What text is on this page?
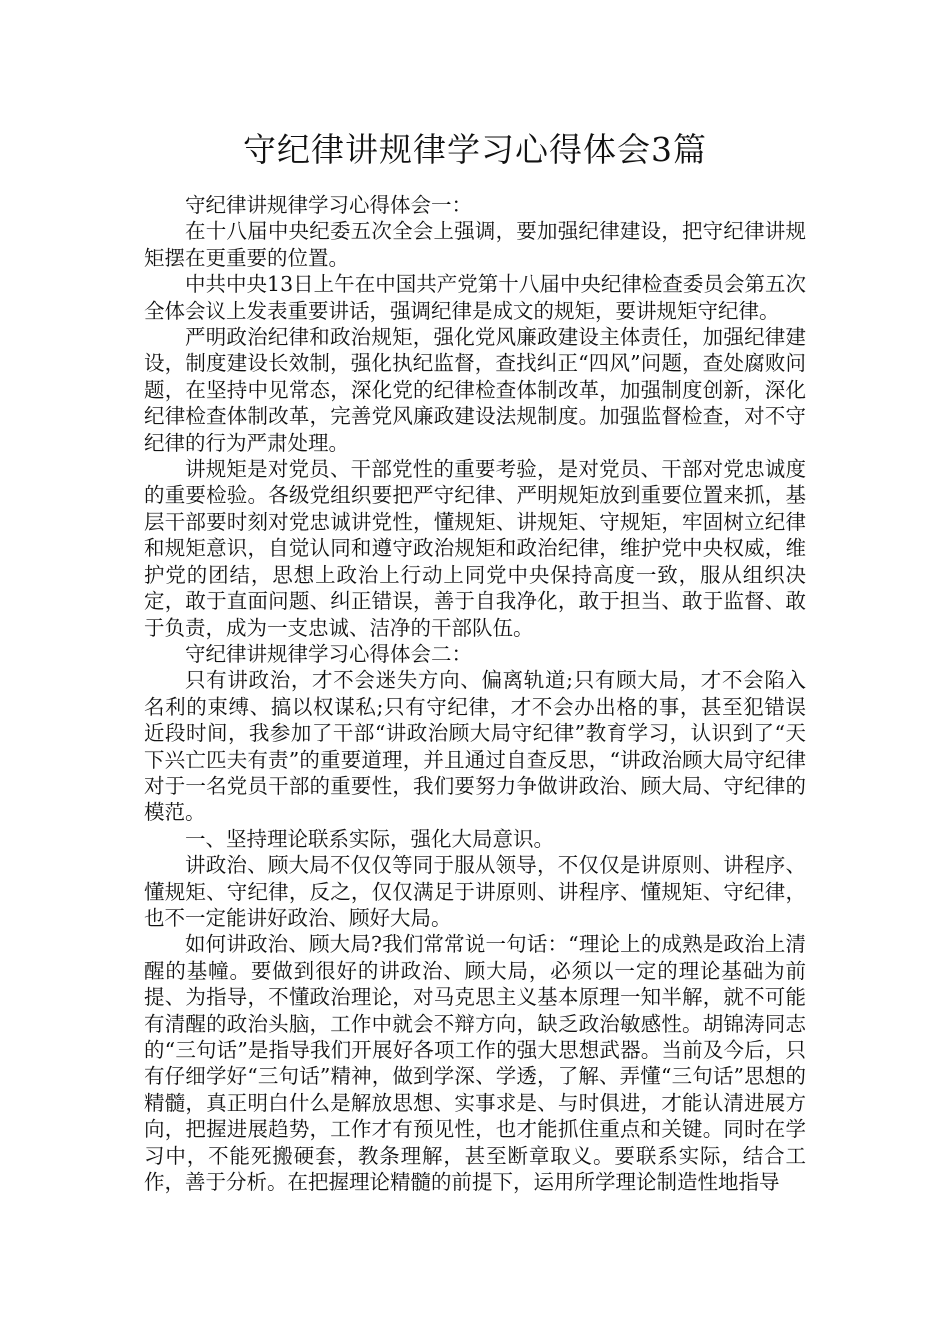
守纪律讲规律学习心得体会3篇

守纪律讲规律学习心得体会一：

在十八届中央纪委五次全会上强调，要加强纪律建设，把守纪律讲规矩摆在更重要的位置。

中共中央13日上午在中国共产党第十八届中央纪律检查委员会第五次全体会议上发表重要讲话，强调纪律是成文的规矩，要讲规矩守纪律。

严明政治纪律和政治规矩，强化党风廉政建设主体责任，加强纪律建设，制度建设长效制，强化执纪监督，查找纠正“四风”问题，查处腐败问题，在坚持中见常态，深化党的纪律检查体制改革，加强制度创新，深化纪律检查体制改革，完善党风廉政建设法规制度。加强监督检查，对不守纪律的行为严肃处理。

讲规矩是对党员、干部党性的重要考验，是对党员、干部对党忠诚度的重要检验。各级党组织要把严守纪律、严明规矩放到重要位置来抓，基层干部要时刻对党忠诚讲党性，懂规矩、讲规矩、守规矩，牢固树立纪律和规矩意识，自觉认同和遵守政治规矩和政治纪律，维护党中央权威，维护党的团结，思想上政治上行动上同党中央保持高度一致，服从组织决定，敢于直面问题、纠正错误，善于自我净化，敢于担当、敢于监督、敢于负责，成为一支忠诚、洁净的干部队伍。

守纪律讲规律学习心得体会二：

只有讲政治，才不会迷失方向、偏离轨道;只有顾大局，才不会陷入名利的束缚、搞以权谋私;只有守纪律，才不会办出格的事，甚至犯错误近段时间，我参加了干部“讲政治顾大局守纪律”教育学习，认识到了“天下兴亡匹夫有责”的重要道理，并且通过自查反思，“讲政治顾大局守纪律对于一名党员干部的重要性，我们要努力争做讲政治、顾大局、守纪律的模范。

一、坚持理论联系实际，强化大局意识。

讲政治、顾大局不仅仅等同于服从领导，不仅仅是讲原则、讲程序、懂规矩、守纪律，反之，仅仅满足于讲原则、讲程序、懂规矩、守纪律，也不一定能讲好政治、顾好大局。

如何讲政治、顾大局?我们常常说一句话：“理论上的成熟是政治上清醒的基幢。要做到很好的讲政治、顾大局，必须以一定的理论基础为前提、为指导，不懂政治理论，对马克思主义基本原理一知半解，就不可能有清醒的政治头脑，工作中就会不辩方向，缺乏政治敏感性。胡锦涛同志的“三句话”是指导我们开展好各项工作的强大思想武器。当前及今后，只有仔细学好“三句话”精神，做到学深、学透，了解、弄懂“三句话”思想的精髓，真正明白什么是解放思想、实事求是、与时俱进，才能认清进展方向，把握进展趋势，工作才有预见性，也才能抓住重点和关键。同时在学习中，不能死搬硬套，教条理解，甚至断章取义。要联系实际，结合工作，善于分析。在把握理论精髓的前提下，运用所学理论制造性地指导
